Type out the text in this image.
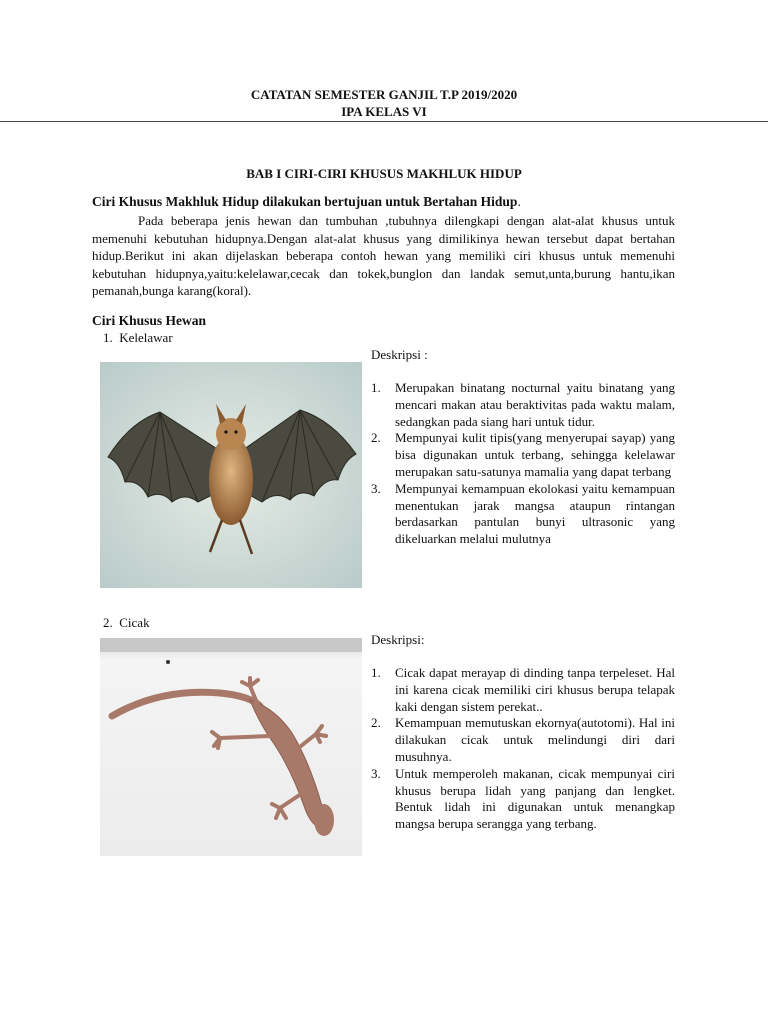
CATATAN SEMESTER GANJIL T.P 2019/2020
IPA KELAS VI
BAB I CIRI-CIRI KHUSUS MAKHLUK HIDUP
Ciri Khusus Makhluk Hidup dilakukan bertujuan untuk Bertahan Hidup.
Pada beberapa jenis hewan dan tumbuhan ,tubuhnya dilengkapi dengan alat-alat khusus untuk memenuhi kebutuhan hidupnya.Dengan alat-alat khusus yang dimilikinya hewan tersebut dapat bertahan hidup.Berikut ini akan dijelaskan beberapa contoh hewan yang memiliki ciri khusus untuk memenuhi kebutuhan hidupnya,yaitu:kelelawar,cecak dan tokek,bunglon dan landak semut,unta,burung hantu,ikan pemanah,bunga karang(koral).
Ciri Khusus Hewan
1. Kelelawar
Deskripsi :
1.	Merupakan binatang nocturnal yaitu binatang yang mencari makan atau beraktivitas pada waktu malam, sedangkan pada siang hari untuk tidur.
2.	Mempunyai kulit tipis(yang menyerupai sayap) yang bisa digunakan untuk terbang, sehingga kelelawar merupakan satu-satunya mamalia yang dapat terbang
3.	Mempunyai kemampuan ekolokasi yaitu kemampuan menentukan jarak mangsa ataupun rintangan berdasarkan pantulan bunyi ultrasonic yang dikeluarkan melalui mulutnya
2. Cicak
Deskripsi:
1.	Cicak dapat merayap di dinding tanpa terpeleset. Hal ini karena cicak memiliki ciri khusus berupa telapak kaki dengan sistem perekat..
2.	Kemampuan memutuskan ekornya(autotomi). Hal ini dilakukan cicak untuk melindungi diri dari musuhnya.
3.	Untuk memperoleh makanan, cicak mempunyai ciri khusus berupa lidah yang panjang dan lengket. Bentuk lidah ini digunakan untuk menangkap mangsa berupa serangga yang terbang.
